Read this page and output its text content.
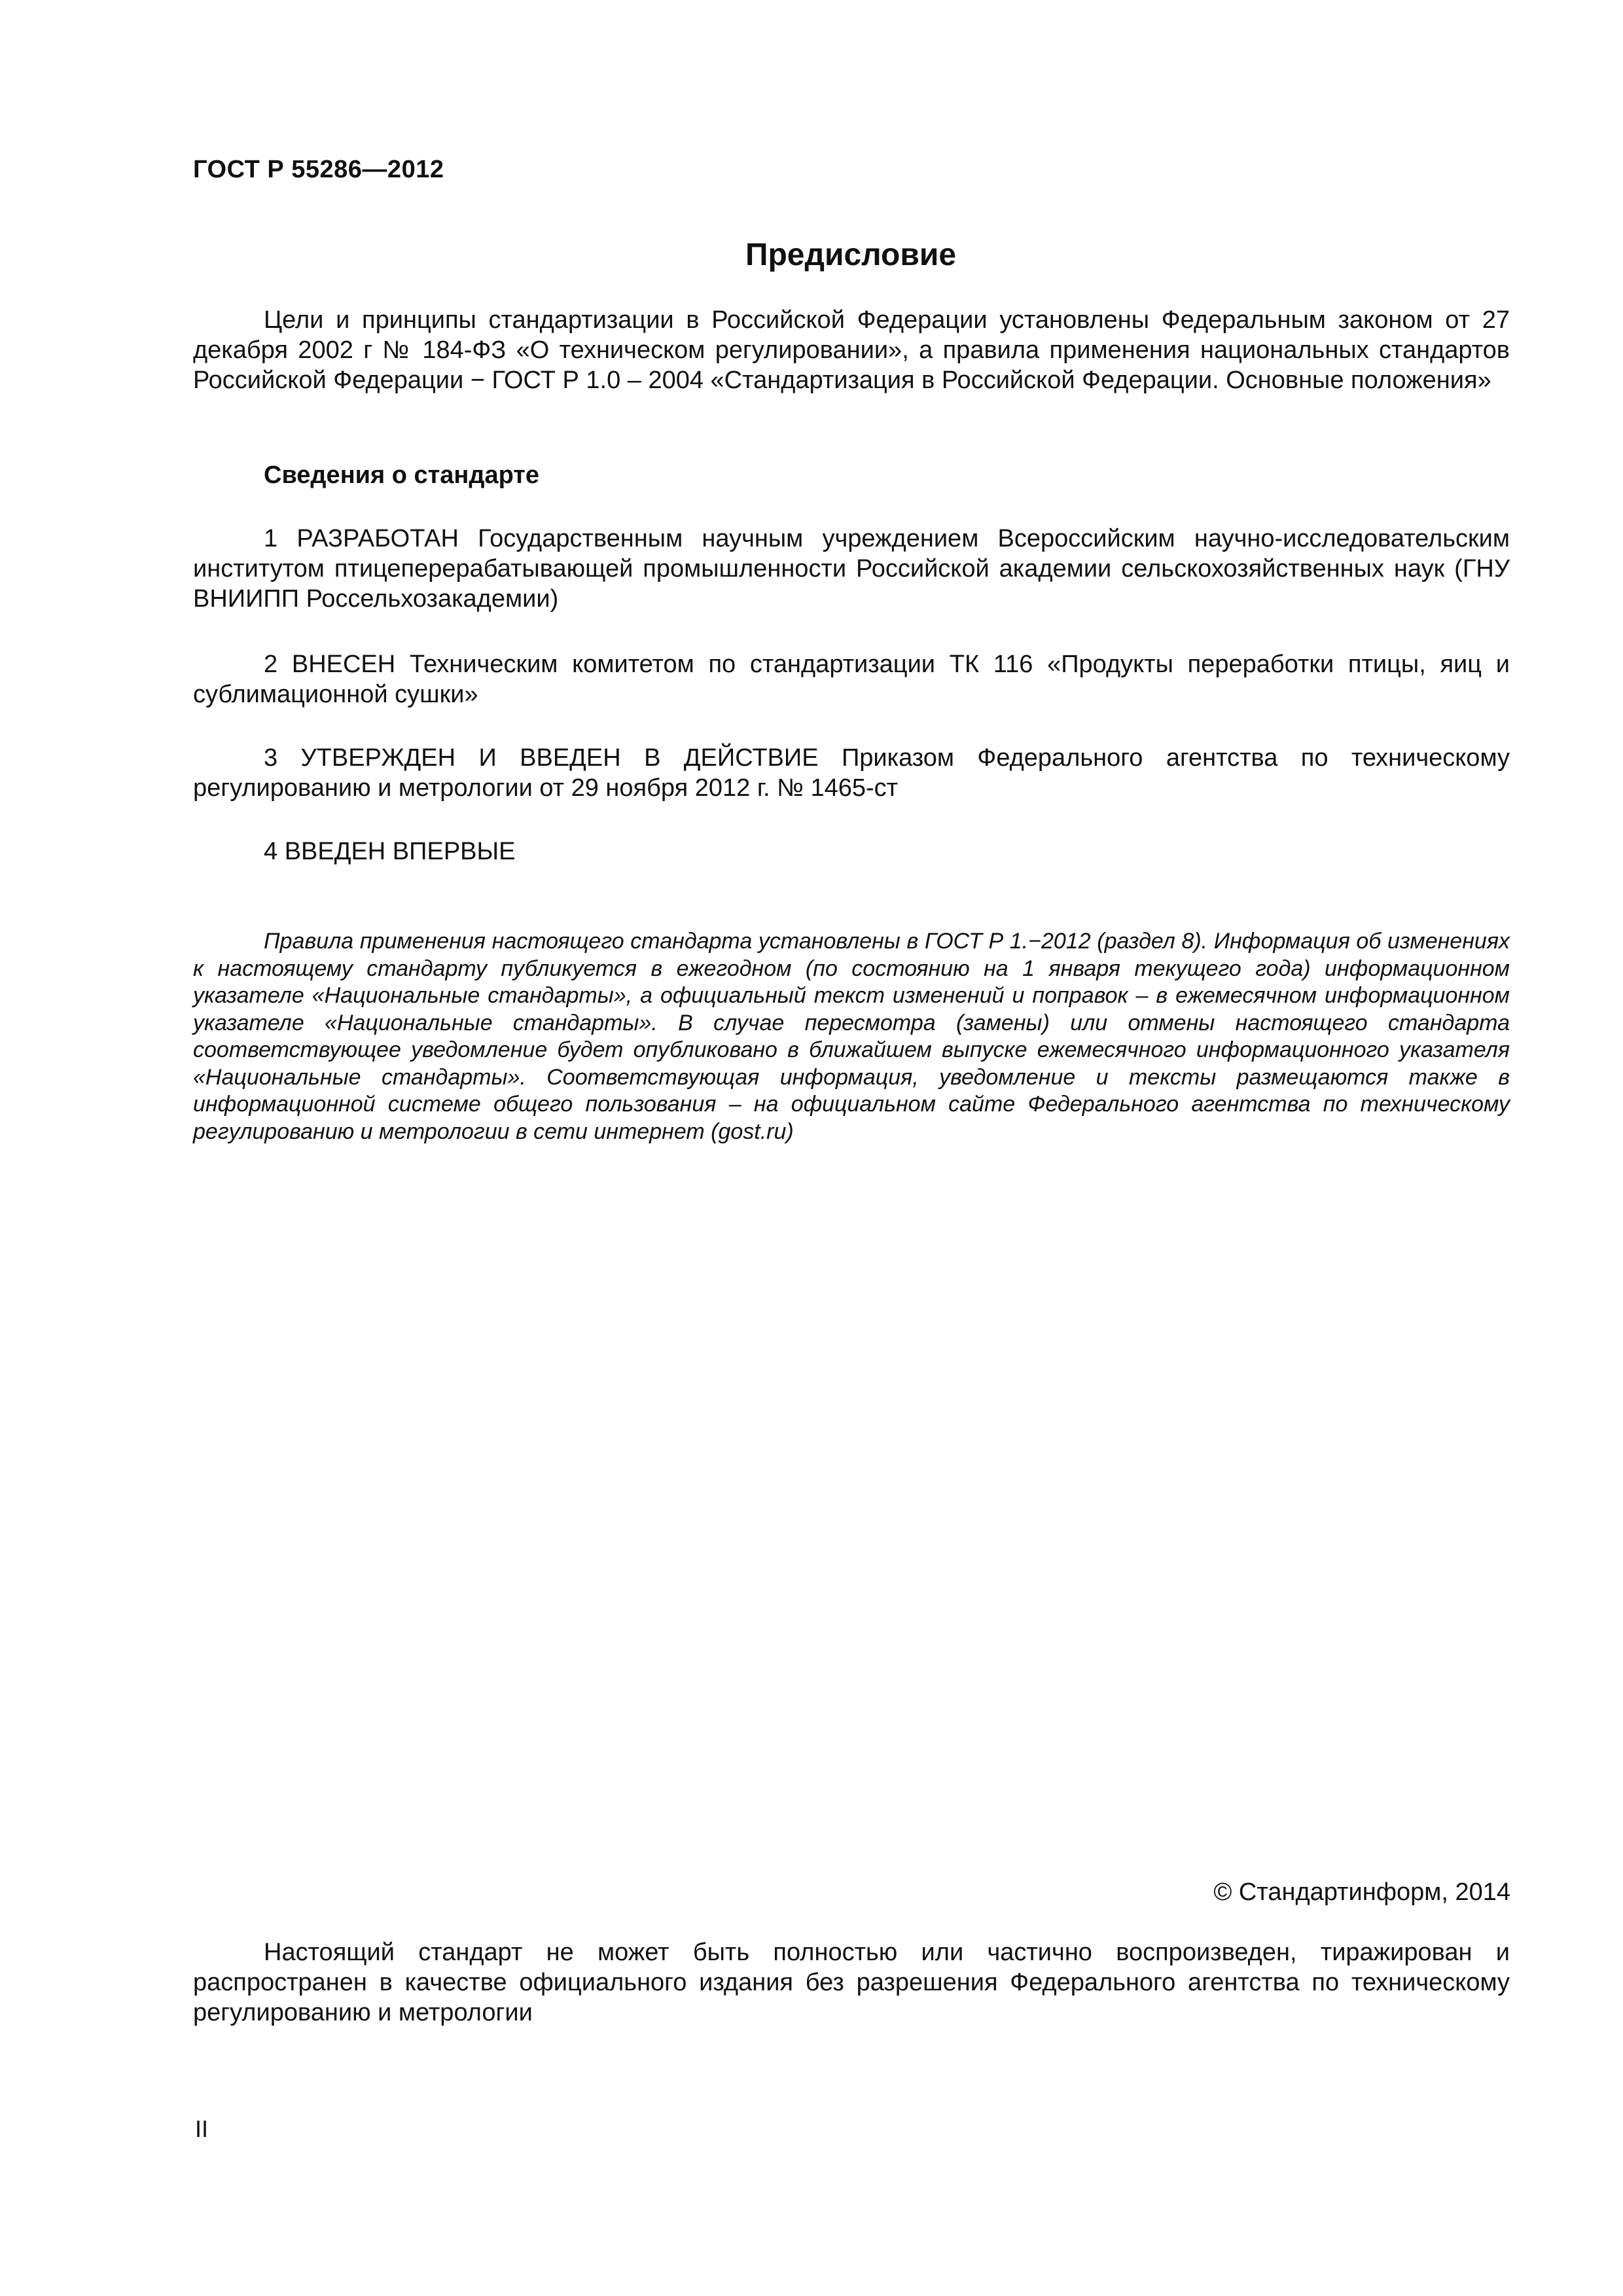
ГОСТ Р 55286—2012
Предисловие

Цели и принципы стандартизации в Российской Федерации установлены Федеральным законом от 27 декабря 2002 г № 184-ФЗ «О техническом регулировании», а правила применения национальных стандартов Российской Федерации − ГОСТ Р 1.0 – 2004 «Стандартизация в Российской Федерации. Основные положения»

Сведения о стандарте

1 РАЗРАБОТАН Государственным научным учреждением Всероссийским научно-исследовательским институтом птицеперерабатывающей промышленности Российской академии сельскохозяйственных наук (ГНУ ВНИИПП Россельхозакадемии)

2 ВНЕСЕН Техническим комитетом по стандартизации ТК 116 «Продукты переработки птицы, яиц и сублимационной сушки»

3 УТВЕРЖДЕН И ВВЕДЕН В ДЕЙСТВИЕ Приказом Федерального агентства по техническому регулированию и метрологии от 29 ноября 2012 г. № 1465-ст

4 ВВЕДЕН ВПЕРВЫЕ

Правила применения настоящего стандарта установлены в ГОСТ Р 1.−2012 (раздел 8). Информация об изменениях к настоящему стандарту публикуется в ежегодном (по состоянию на 1 января текущего года) информационном указателе «Национальные стандарты», а официальный текст изменений и поправок – в ежемесячном информационном указателе «Национальные стандарты». В случае пересмотра (замены) или отмены настоящего стандарта соответствующее уведомление будет опубликовано в ближайшем выпуске ежемесячного информационного указателя «Национальные стандарты». Соответствующая информация, уведомление и тексты размещаются также в информационной системе общего пользования – на официальном сайте Федерального агентства по техническому регулированию и метрологии в сети интернет (gost.ru)

© Стандартинформ, 2014

Настоящий стандарт не может быть полностью или частично воспроизведен, тиражирован и распространен в качестве официального издания без разрешения Федерального агентства по техническому регулированию и метрологии

II
